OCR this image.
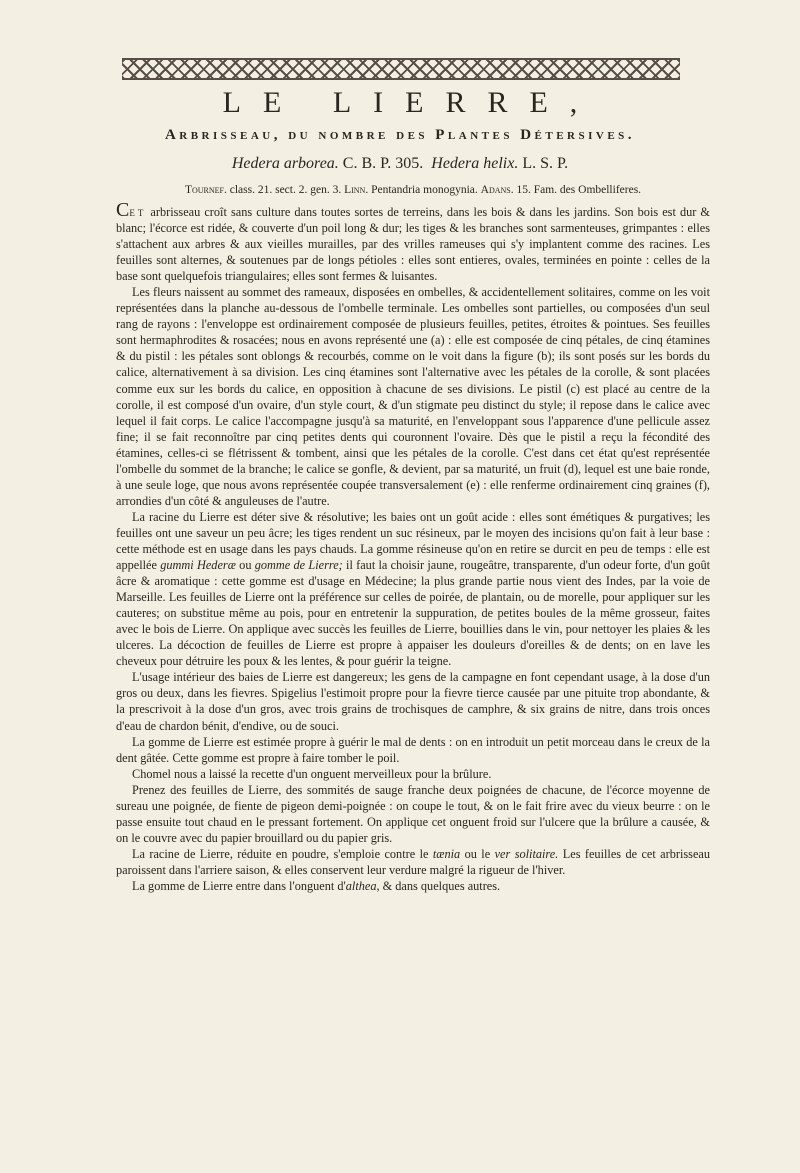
LE LIERRE,
Arbrisseau, du nombre des Plantes Détersives.
Hedera arborea. C. B. P. 305. Hedera helix. L. S. P.
Tournef. class. 21. sect. 2. gen. 3. Linn. Pentandria monogynia. Adans. 15. Fam. des Ombelliferes.

Cet arbrisseau croît sans culture dans toutes sortes de terreins, dans les bois & dans les jardins. Son bois est dur & blanc; l'écorce est ridée, & couverte d'un poil long & dur; les tiges & les branches sont sarmenteuses, grimpantes : elles s'attachent aux arbres & aux vieilles murailles, par des vrilles rameuses qui s'y implantent comme des racines. Les feuilles sont alternes, & soutenues par de longs pétioles : elles sont entieres, ovales, terminées en pointe : celles de la base sont quelquefois triangulaires; elles sont fermes & luisantes.

Les fleurs naissent au sommet des rameaux, disposées en ombelles, & accidentellement solitaires, comme on les voit représentées dans la planche au-dessous de l'ombelle terminale. Les ombelles sont partielles, ou composées d'un seul rang de rayons : l'enveloppe est ordinairement composée de plusieurs feuilles, petites, étroites & pointues. Ses feuilles sont hermaphrodites & rosacées; nous en avons représenté une (a) : elle est composée de cinq pétales, de cinq étamines & du pistil : les pétales sont oblongs & recourbés, comme on le voit dans la figure (b); ils sont posés sur les bords du calice, alternativement à sa division. Les cinq étamines sont l'alternative avec les pétales de la corolle, & sont placées comme eux sur les bords du calice, en opposition à chacune de ses divisions. Le pistil (c) est placé au centre de la corolle, il est composé d'un ovaire, d'un style court, & d'un stigmate peu distinct du style; il repose dans le calice avec lequel il fait corps. Le calice l'accompagne jusqu'à sa maturité, en l'enveloppant sous l'apparence d'une pellicule assez fine; il se fait reconnoître par cinq petites dents qui couronnent l'ovaire. Dès que le pistil a reçu la fécondité des étamines, celles-ci se flétrissent & tombent, ainsi que les pétales de la corolle. C'est dans cet état qu'est représentée l'ombelle du sommet de la branche; le calice se gonfle, & devient, par sa maturité, un fruit (d), lequel est une baie ronde, à une seule loge, que nous avons représentée coupée transversalement (e) : elle renferme ordinairement cinq graines (f), arrondies d'un côté & anguleuses de l'autre.

La racine du Lierre est déter sive & résolutive; les baies ont un goût acide : elles sont émétiques & purgatives; les feuilles ont une saveur un peu âcre; les tiges rendent un suc résineux, par le moyen des incisions qu'on fait à leur base : cette méthode est en usage dans les pays chauds. La gomme résineuse qu'on en retire se durcit en peu de temps : elle est appellée gummi Hederæ ou gomme de Lierre; il faut la choisir jaune, rougeâtre, transparente, d'un odeur forte, d'un goût âcre & aromatique : cette gomme est d'usage en Médecine; la plus grande partie nous vient des Indes, par la voie de Marseille. Les feuilles de Lierre ont la préférence sur celles de poirée, de plantain, ou de morelle, pour appliquer sur les cauteres; on substitue même au pois, pour en entretenir la suppuration, de petites boules de la même grosseur, faites avec le bois de Lierre. On applique avec succès les feuilles de Lierre, bouillies dans le vin, pour nettoyer les plaies & les ulceres. La décoction de feuilles de Lierre est propre à appaiser les douleurs d'oreilles & de dents; on en lave les cheveux pour détruire les poux & les lentes, & pour guérir la teigne.

L'usage intérieur des baies de Lierre est dangereux; les gens de la campagne en font cependant usage, à la dose d'un gros ou deux, dans les fievres. Spigelius l'estimoit propre pour la fievre tierce causée par une pituite trop abondante, & la prescrivoit à la dose d'un gros, avec trois grains de trochisques de camphre, & six grains de nitre, dans trois onces d'eau de chardon bénit, d'endive, ou de souci.

La gomme de Lierre est estimée propre à guérir le mal de dents : on en introduit un petit morceau dans le creux de la dent gâtée. Cette gomme est propre à faire tomber le poil.

Chomel nous a laissé la recette d'un onguent merveilleux pour la brûlure.

Prenez des feuilles de Lierre, des sommités de sauge franche deux poignées de chacune, de l'écorce moyenne de sureau une poignée, de fiente de pigeon demi-poignée : on coupe le tout, & on le fait frire avec du vieux beurre : on le passe ensuite tout chaud en le pressant fortement. On applique cet onguent froid sur l'ulcere que la brûlure a causée, & on le couvre avec du papier brouillard ou du papier gris.

La racine de Lierre, réduite en poudre, s'emploie contre le tænia ou le ver solitaire. Les feuilles de cet arbrisseau paroissent dans l'arriere saison, & elles conservent leur verdure malgré la rigueur de l'hiver.

La gomme de Lierre entre dans l'onguent d'althea, & dans quelques autres.
